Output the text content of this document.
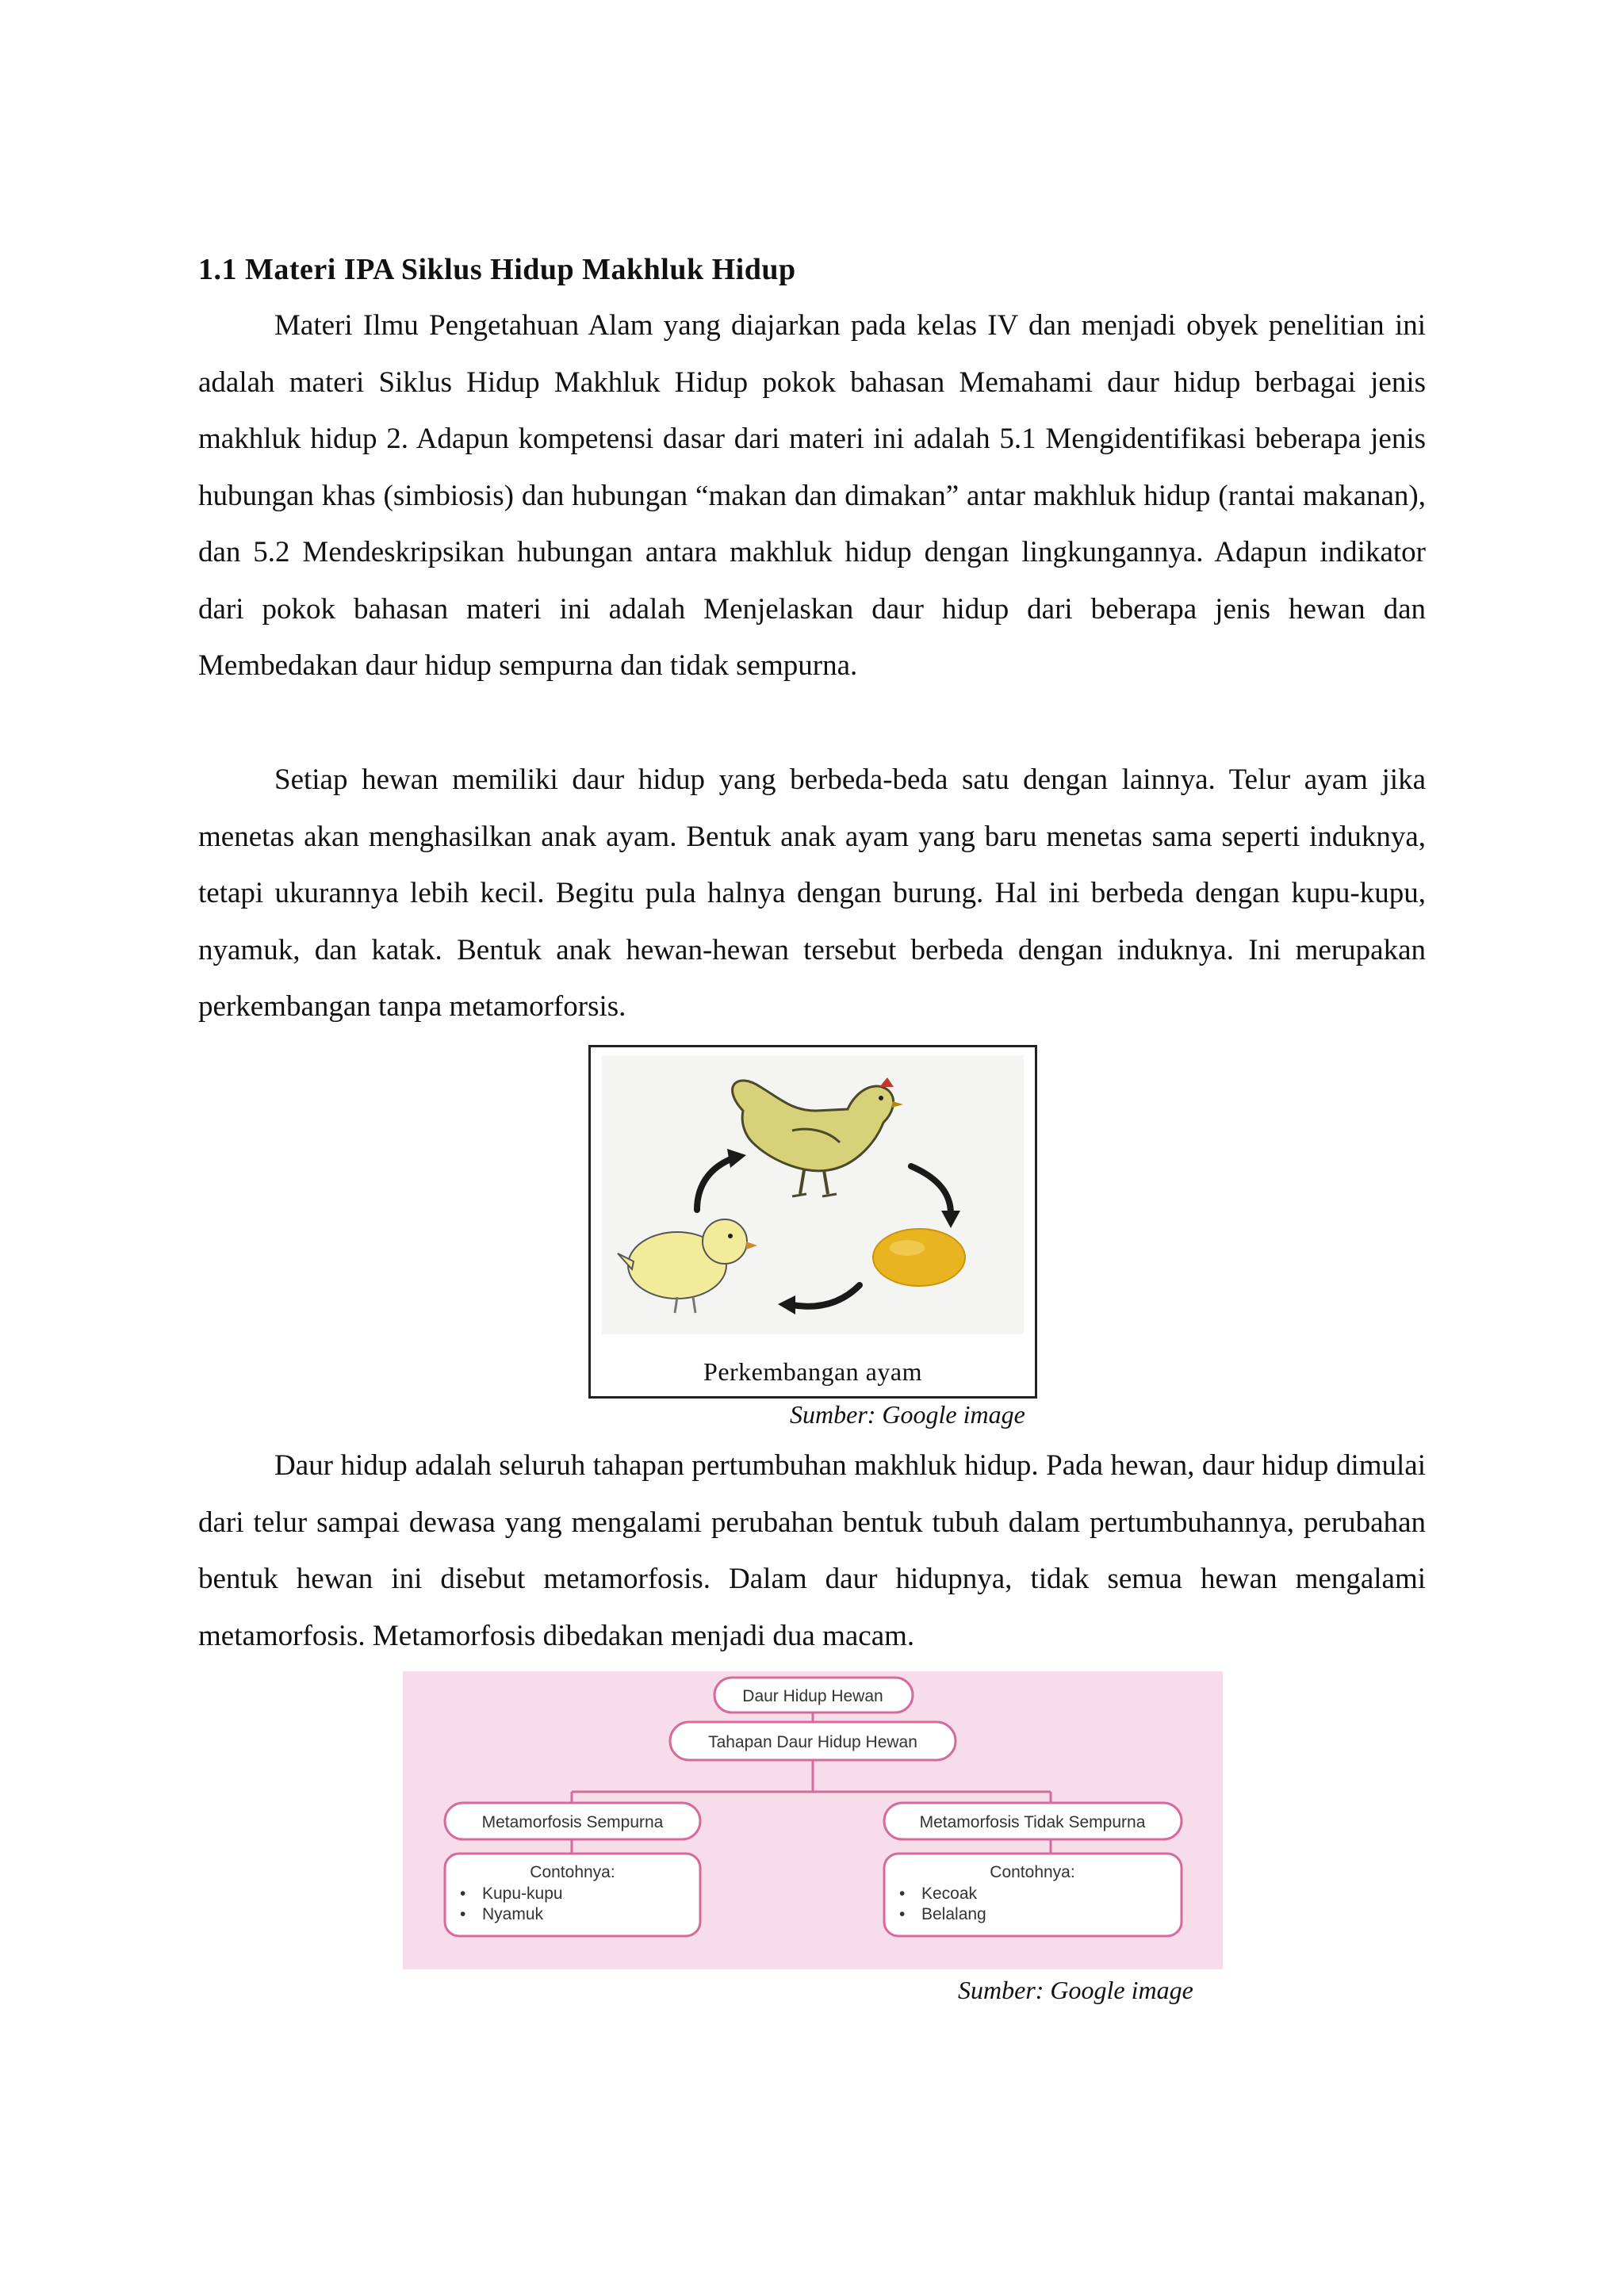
1.1 Materi IPA Siklus Hidup Makhluk Hidup

Materi Ilmu Pengetahuan Alam yang diajarkan pada kelas IV dan menjadi obyek penelitian ini adalah materi Siklus Hidup Makhluk Hidup pokok bahasan Memahami daur hidup berbagai jenis makhluk hidup 2. Adapun kompetensi dasar dari materi ini adalah 5.1 Mengidentifikasi beberapa jenis hubungan khas (simbiosis) dan hubungan “makan dan dimakan” antar makhluk hidup (rantai makanan), dan 5.2 Mendeskripsikan hubungan antara makhluk hidup dengan lingkungannya. Adapun indikator dari pokok bahasan materi ini adalah Menjelaskan daur hidup dari beberapa jenis hewan dan Membedakan daur hidup sempurna dan tidak sempurna.

Setiap hewan memiliki daur hidup yang berbeda-beda satu dengan lainnya. Telur ayam jika menetas akan menghasilkan anak ayam. Bentuk anak ayam yang baru menetas sama seperti induknya, tetapi ukurannya lebih kecil. Begitu pula halnya dengan burung. Hal ini berbeda dengan kupu-kupu, nyamuk, dan katak. Bentuk anak hewan-hewan tersebut berbeda dengan induknya. Ini merupakan perkembangan tanpa metamorforsis.

Perkembangan ayam
Sumber: Google image

Daur hidup adalah seluruh tahapan pertumbuhan makhluk hidup. Pada hewan, daur hidup dimulai dari telur sampai dewasa yang mengalami perubahan bentuk tubuh dalam pertumbuhannya, perubahan bentuk hewan ini disebut metamorfosis. Dalam daur hidupnya, tidak semua hewan mengalami metamorfosis. Metamorfosis dibedakan menjadi dua macam.

Daur Hidup Hewan
Tahapan Daur Hidup Hewan
Metamorfosis Sempurna	Metamorfosis Tidak Sempurna
Contohnya:
• Kupu-kupu
• Nyamuk
Contohnya:
• Kecoak
• Belalang
Sumber: Google image
